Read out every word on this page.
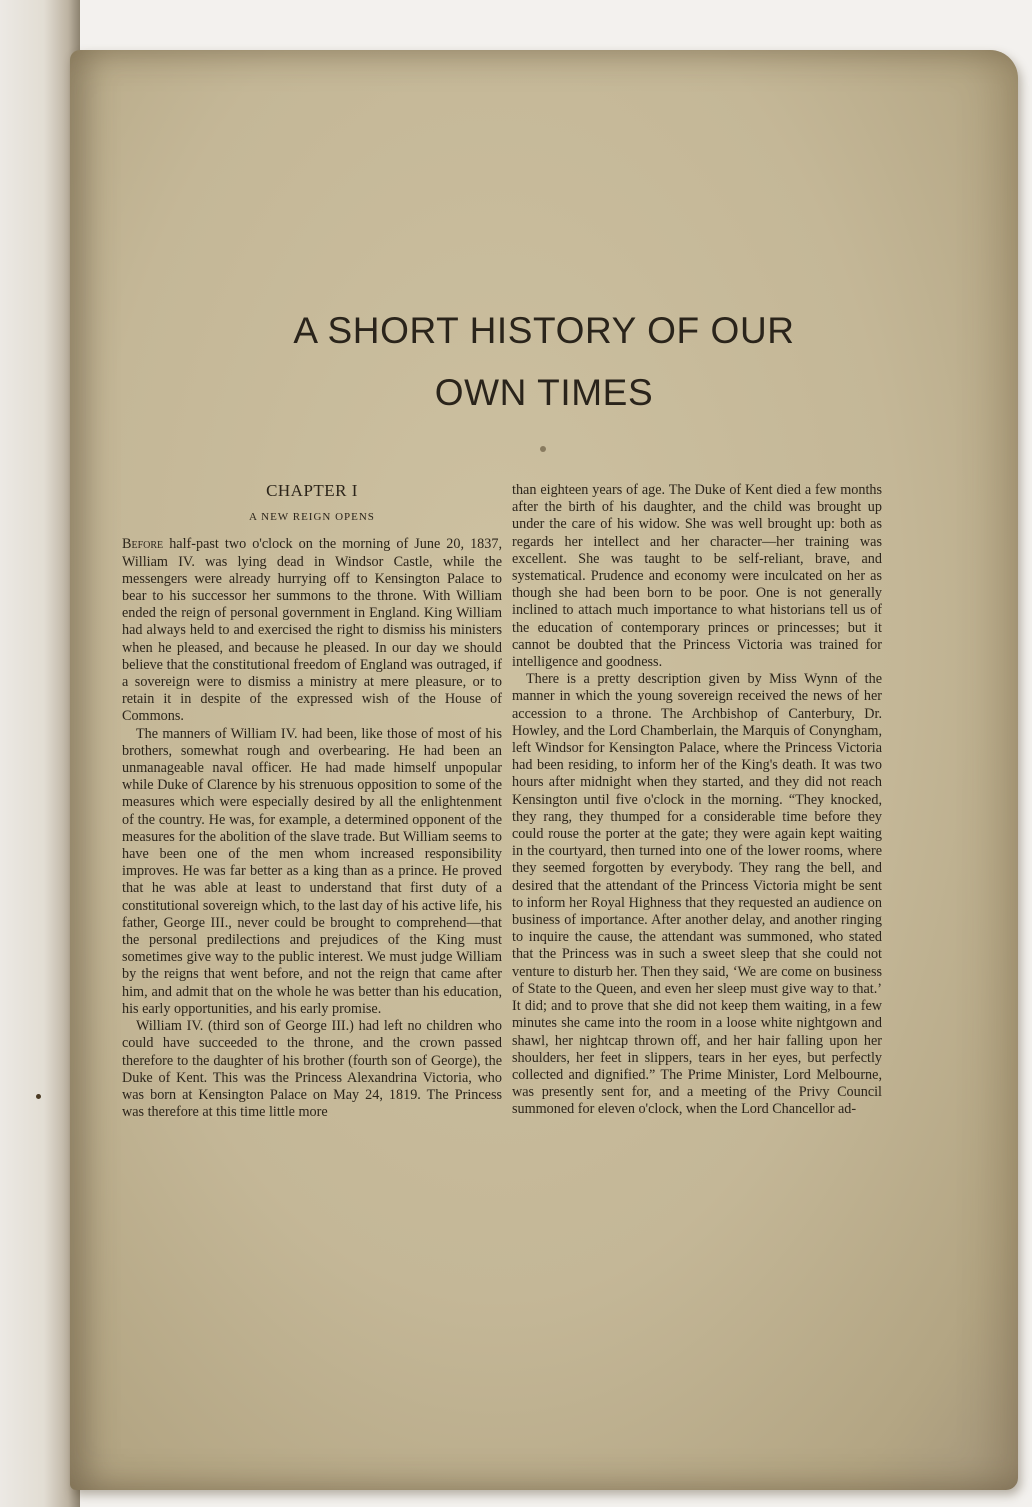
A SHORT HISTORY OF OUR
OWN TIMES
CHAPTER I
A NEW REIGN OPENS

Before half-past two o'clock on the morning of June 20, 1837, William IV. was lying dead in Windsor Castle, while the messengers were already hurrying off to Kensington Palace to bear to his successor her summons to the throne. With William ended the reign of personal government in England. King William had always held to and exercised the right to dismiss his ministers when he pleased, and because he pleased. In our day we should believe that the constitutional freedom of England was outraged, if a sovereign were to dismiss a ministry at mere pleasure, or to retain it in despite of the expressed wish of the House of Commons.

The manners of William IV. had been, like those of most of his brothers, somewhat rough and overbearing. He had been an unmanageable naval officer. He had made himself unpopular while Duke of Clarence by his strenuous opposition to some of the measures which were especially desired by all the enlightenment of the country. He was, for example, a determined opponent of the measures for the abolition of the slave trade. But William seems to have been one of the men whom increased responsibility improves. He was far better as a king than as a prince. He proved that he was able at least to understand that first duty of a constitutional sovereign which, to the last day of his active life, his father, George III., never could be brought to comprehend—that the personal predilections and prejudices of the King must sometimes give way to the public interest. We must judge William by the reigns that went before, and not the reign that came after him, and admit that on the whole he was better than his education, his early opportunities, and his early promise.

William IV. (third son of George III.) had left no children who could have succeeded to the throne, and the crown passed therefore to the daughter of his brother (fourth son of George), the Duke of Kent. This was the Princess Alexandrina Victoria, who was born at Kensington Palace on May 24, 1819. The Princess was therefore at this time little more

than eighteen years of age. The Duke of Kent died a few months after the birth of his daughter, and the child was brought up under the care of his widow. She was well brought up: both as regards her intellect and her character—her training was excellent. She was taught to be self-reliant, brave, and systematical. Prudence and economy were inculcated on her as though she had been born to be poor. One is not generally inclined to attach much importance to what historians tell us of the education of contemporary princes or princesses; but it cannot be doubted that the Princess Victoria was trained for intelligence and goodness.

There is a pretty description given by Miss Wynn of the manner in which the young sovereign received the news of her accession to a throne. The Archbishop of Canterbury, Dr. Howley, and the Lord Chamberlain, the Marquis of Conyngham, left Windsor for Kensington Palace, where the Princess Victoria had been residing, to inform her of the King's death. It was two hours after midnight when they started, and they did not reach Kensington until five o'clock in the morning. “They knocked, they rang, they thumped for a considerable time before they could rouse the porter at the gate; they were again kept waiting in the courtyard, then turned into one of the lower rooms, where they seemed forgotten by everybody. They rang the bell, and desired that the attendant of the Princess Victoria might be sent to inform her Royal Highness that they requested an audience on business of importance. After another delay, and another ringing to inquire the cause, the attendant was summoned, who stated that the Princess was in such a sweet sleep that she could not venture to disturb her. Then they said, ‘We are come on business of State to the Queen, and even her sleep must give way to that.’ It did; and to prove that she did not keep them waiting, in a few minutes she came into the room in a loose white nightgown and shawl, her nightcap thrown off, and her hair falling upon her shoulders, her feet in slippers, tears in her eyes, but perfectly collected and dignified.” The Prime Minister, Lord Melbourne, was presently sent for, and a meeting of the Privy Council summoned for eleven o'clock, when the Lord Chancellor ad-
